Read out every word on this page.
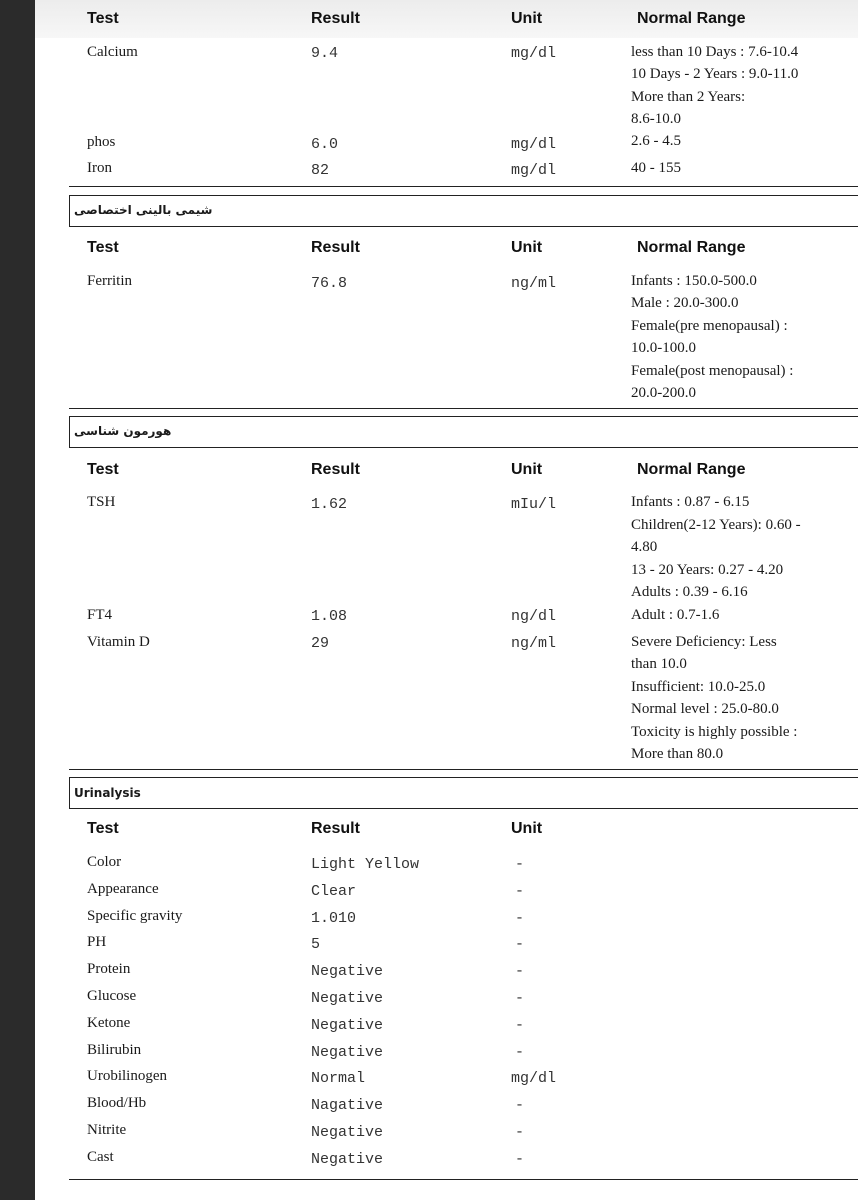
Test	Result	Unit	Normal Range
Calcium	9.4	mg/dl	less than 10 Days : 7.6-10.4
10 Days - 2 Years : 9.0-11.0
More than 2 Years:
8.6-10.0
phos	6.0	mg/dl	2.6 - 4.5
Iron	82	mg/dl	40 - 155
شیمی بالینی اختصاصی
Test	Result	Unit	Normal Range
Ferritin	76.8	ng/ml	Infants : 150.0-500.0
Male : 20.0-300.0
Female(pre menopausal) :
10.0-100.0
Female(post menopausal) :
20.0-200.0
هورمون شناسی
Test	Result	Unit	Normal Range
TSH	1.62	mIu/l	Infants : 0.87 - 6.15
Children(2-12 Years): 0.60 -
4.80
13 - 20 Years: 0.27 - 4.20
Adults : 0.39 - 6.16
FT4	1.08	ng/dl	Adult : 0.7-1.6
Vitamin D	29	ng/ml	Severe Deficiency: Less
than 10.0
Insufficient: 10.0-25.0
Normal level : 25.0-80.0
Toxicity is highly possible :
More than 80.0
Urinalysis
Test	Result	Unit
Color	Light Yellow	-
Appearance	Clear	-
Specific gravity	1.010	-
PH	5	-
Protein	Negative	-
Glucose	Negative	-
Ketone	Negative	-
Bilirubin	Negative	-
Urobilinogen	Normal	mg/dl
Blood/Hb	Nagative	-
Nitrite	Negative	-
Cast	Negative	-
